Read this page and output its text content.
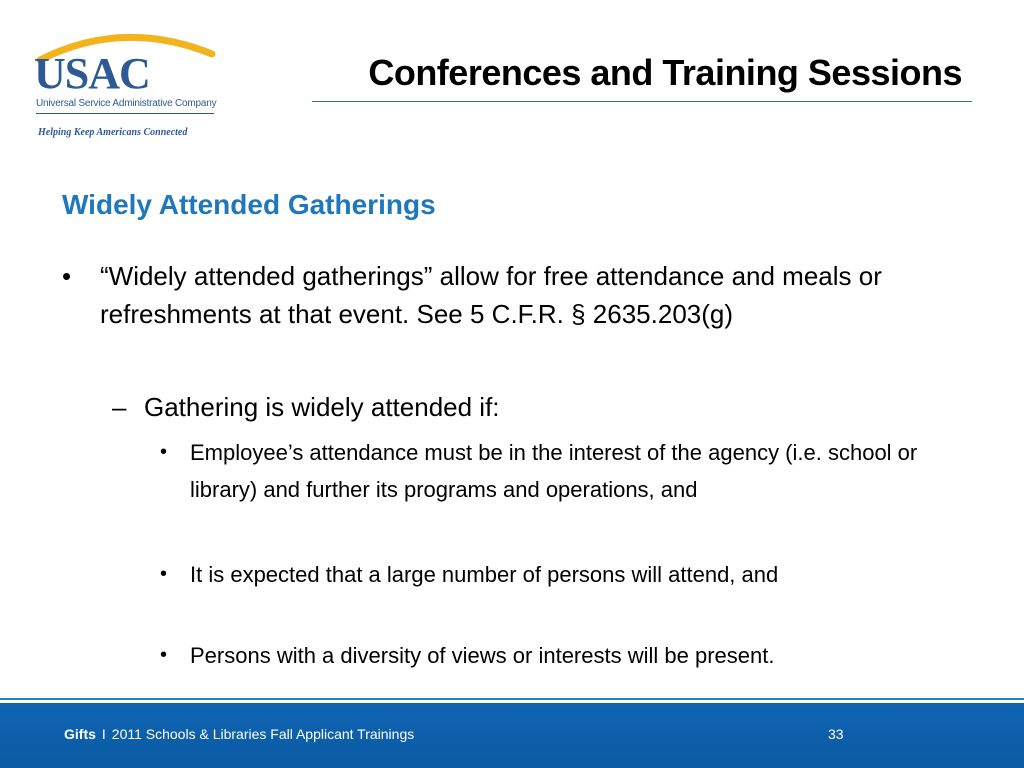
USAC
Universal Service Administrative Company
Helping Keep Americans Connected
Conferences and Training Sessions
Widely Attended Gatherings
• “Widely attended gatherings” allow for free attendance and meals or refreshments at that event. See 5 C.F.R. § 2635.203(g)
– Gathering is widely attended if:
• Employee’s attendance must be in the interest of the agency (i.e. school or library) and further its programs and operations, and
• It is expected that a large number of persons will attend, and
• Persons with a diversity of views or interests will be present.
Gifts I 2011 Schools & Libraries Fall Applicant Trainings	33
